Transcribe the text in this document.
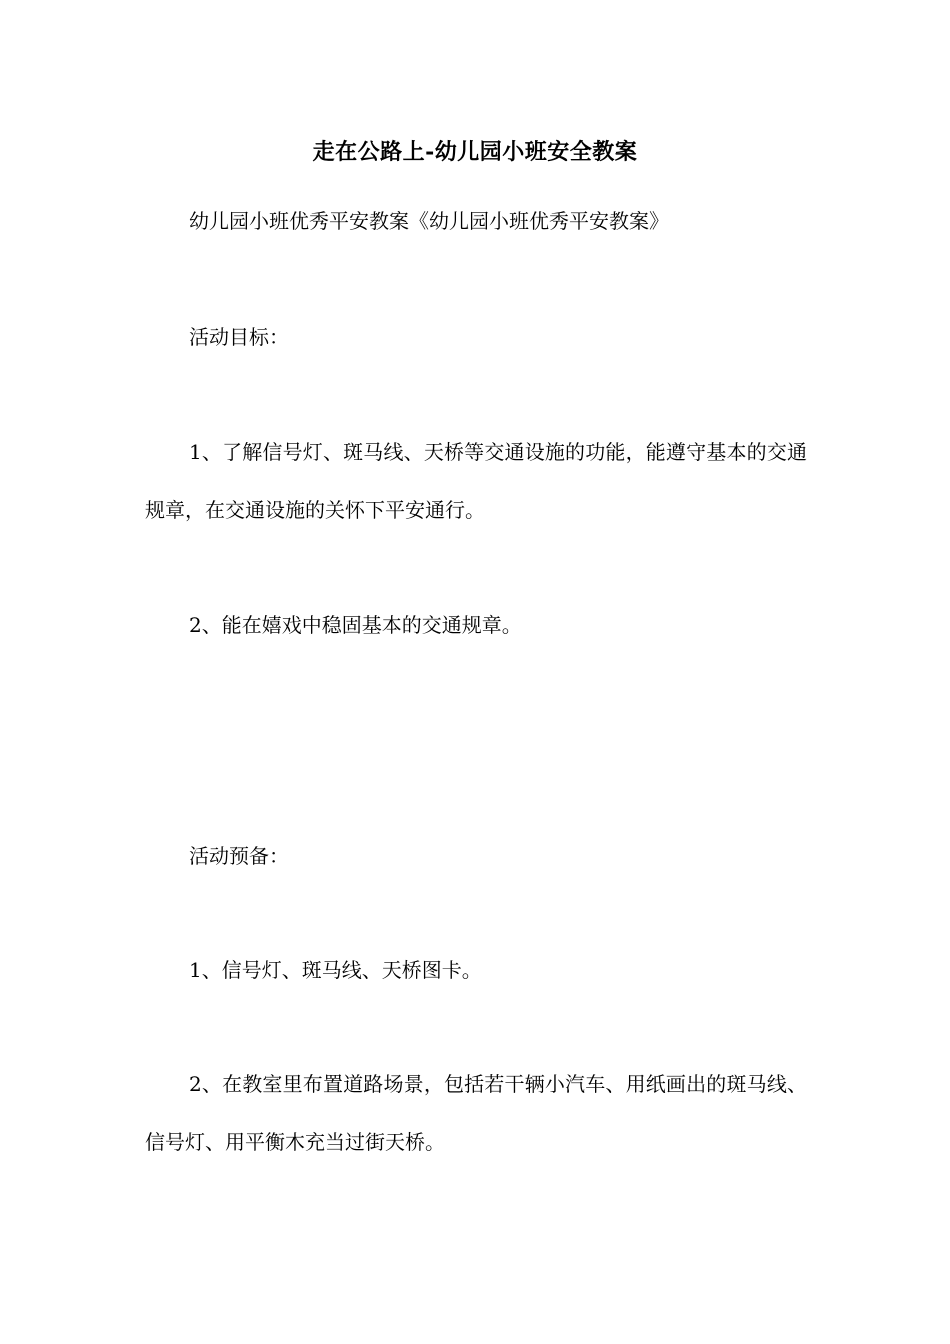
走在公路上-幼儿园小班安全教案
幼儿园小班优秀平安教案《幼儿园小班优秀平安教案》
活动目标：
1、了解信号灯、斑马线、天桥等交通设施的功能，能遵守基本的交通规章，在交通设施的关怀下平安通行。
2、能在嬉戏中稳固基本的交通规章。
活动预备：
1、信号灯、斑马线、天桥图卡。
2、在教室里布置道路场景，包括若干辆小汽车、用纸画出的斑马线、信号灯、用平衡木充当过街天桥。
